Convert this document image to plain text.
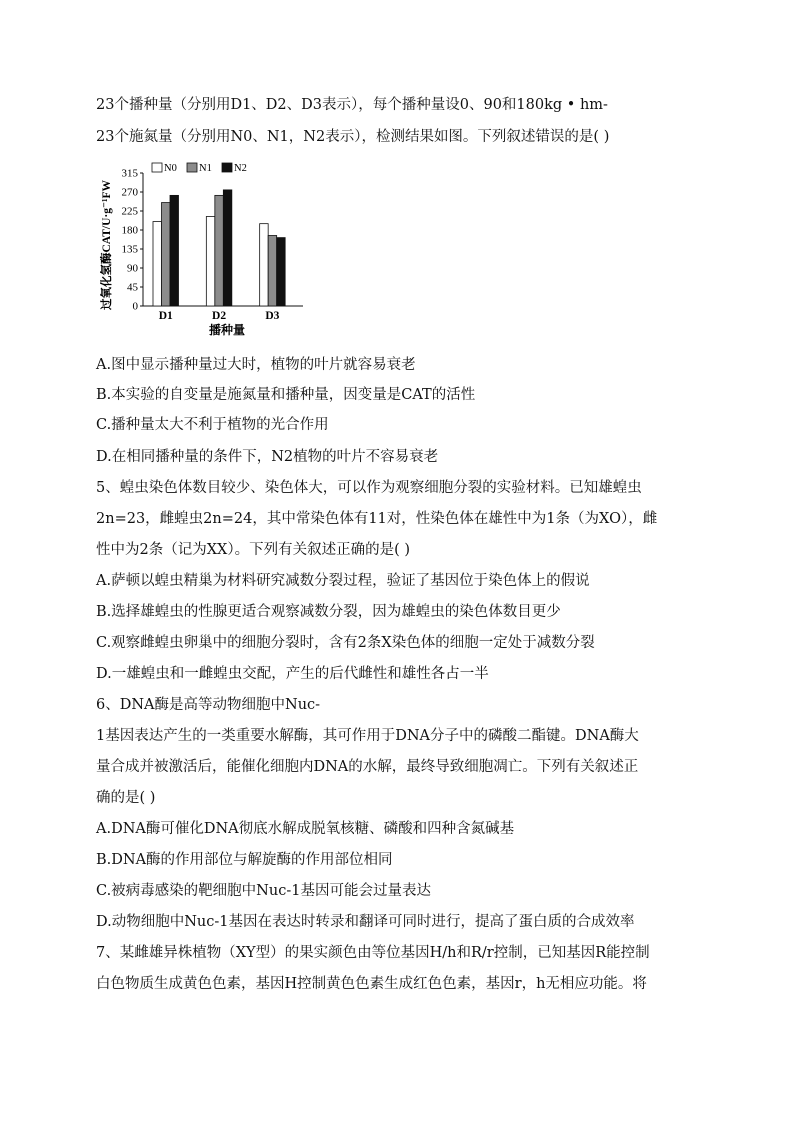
23个播种量（分别用D1、D2、D3表示），每个播种量设0、90和180kg • hm-
23个施氮量（分别用N0、N1，N2表示），检测结果如图。下列叙述错误的是( )
N0 N1 N2
0
45
90
135
180
225
270
315
D1	D2	D3
过氧化氢酶CAT/U·g⁻¹FW
播种量
A.图中显示播种量过大时，植物的叶片就容易衰老
B.本实验的自变量是施氮量和播种量，因变量是CAT的活性
C.播种量太大不利于植物的光合作用
D.在相同播种量的条件下，N2植物的叶片不容易衰老
5、蝗虫染色体数目较少、染色体大，可以作为观察细胞分裂的实验材料。已知雄蝗虫
2n=23，雌蝗虫2n=24，其中常染色体有11对，性染色体在雄性中为1条（为XO），雌
性中为2条（记为XX）。下列有关叙述正确的是( )
A.萨顿以蝗虫精巢为材料研究减数分裂过程，验证了基因位于染色体上的假说
B.选择雄蝗虫的性腺更适合观察减数分裂，因为雄蝗虫的染色体数目更少
C.观察雌蝗虫卵巢中的细胞分裂时，含有2条X染色体的细胞一定处于减数分裂
D.一雄蝗虫和一雌蝗虫交配，产生的后代雌性和雄性各占一半
6、DNA酶是高等动物细胞中Nuc-
1基因表达产生的一类重要水解酶，其可作用于DNA分子中的磷酸二酯键。DNA酶大
量合成并被激活后，能催化细胞内DNA的水解，最终导致细胞凋亡。下列有关叙述正
确的是( )
A.DNA酶可催化DNA彻底水解成脱氧核糖、磷酸和四种含氮碱基
B.DNA酶的作用部位与解旋酶的作用部位相同
C.被病毒感染的靶细胞中Nuc-1基因可能会过量表达
D.动物细胞中Nuc-1基因在表达时转录和翻译可同时进行，提高了蛋白质的合成效率
7、某雌雄异株植物（XY型）的果实颜色由等位基因H/h和R/r控制，已知基因R能控制
白色物质生成黄色色素，基因H控制黄色色素生成红色色素，基因r，h无相应功能。将
